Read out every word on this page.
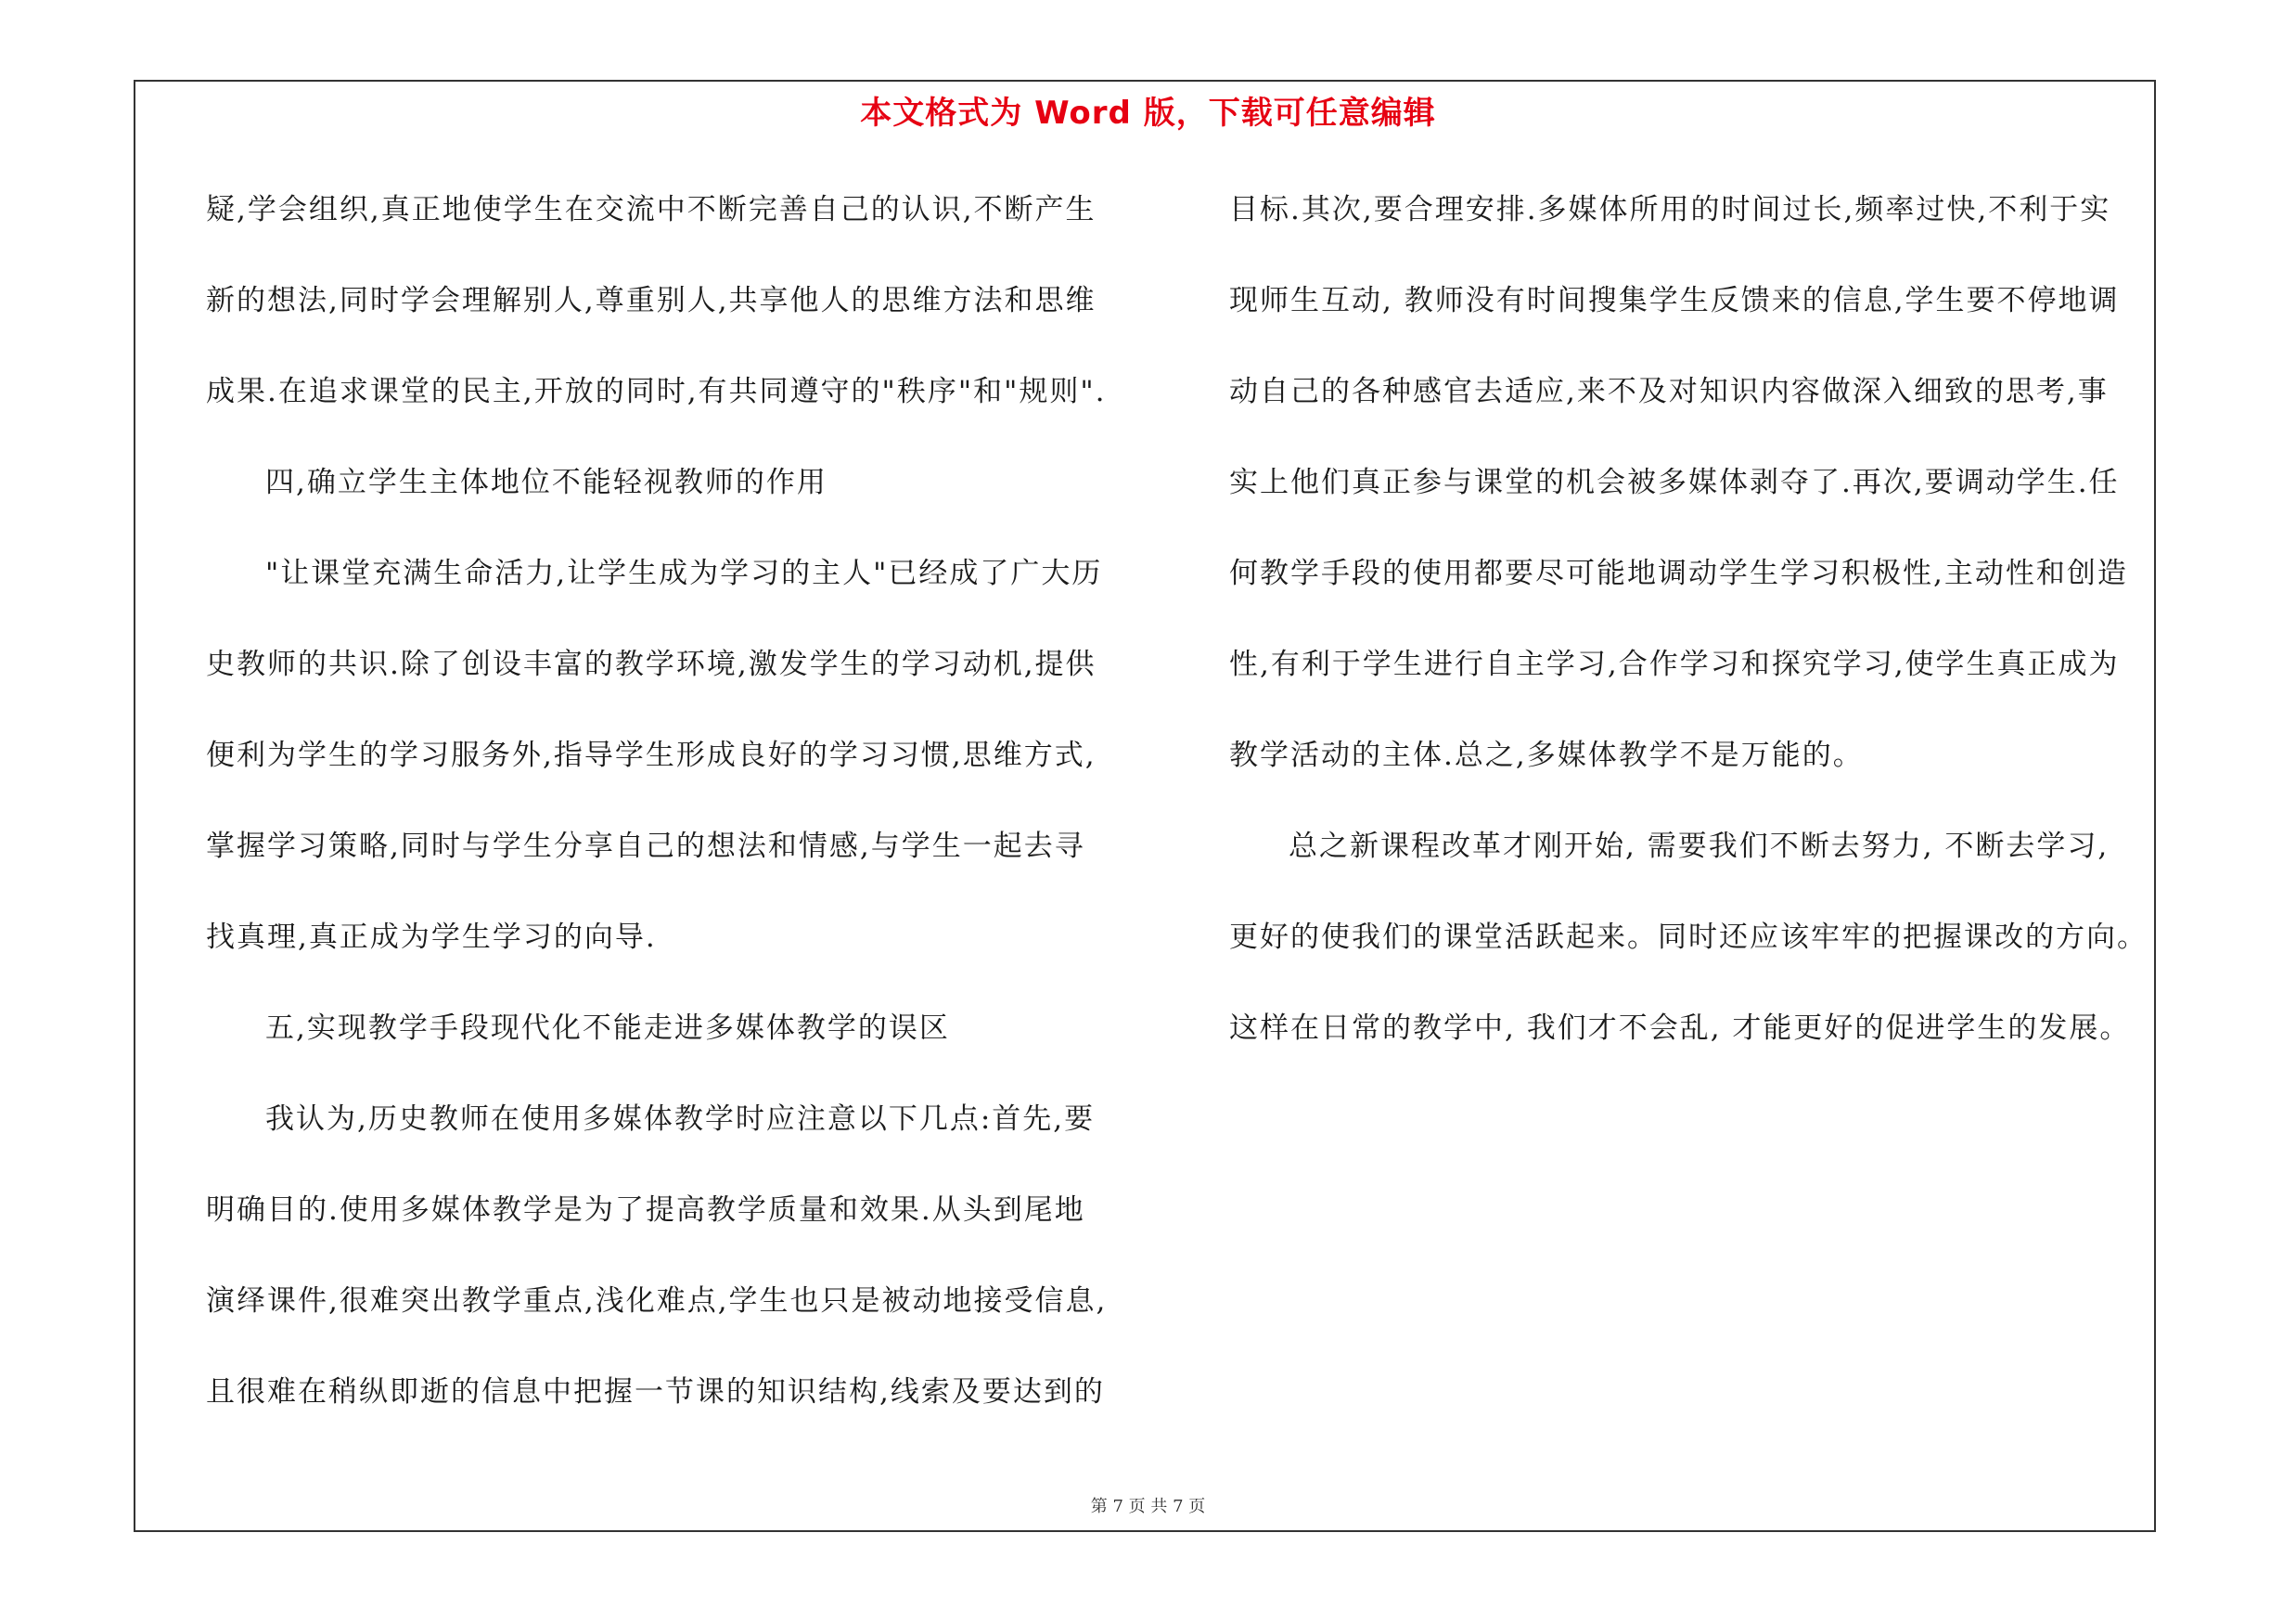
本文格式为 Word 版，下载可任意编辑
疑,学会组织,真正地使学生在交流中不断完善自己的认识,不断产生
新的想法,同时学会理解别人,尊重别人,共享他人的思维方法和思维
成果.在追求课堂的民主,开放的同时,有共同遵守的"秩序"和"规则".
四,确立学生主体地位不能轻视教师的作用
"让课堂充满生命活力,让学生成为学习的主人"已经成了广大历
史教师的共识.除了创设丰富的教学环境,激发学生的学习动机,提供
便利为学生的学习服务外,指导学生形成良好的学习习惯,思维方式,
掌握学习策略,同时与学生分享自己的想法和情感,与学生一起去寻
找真理,真正成为学生学习的向导.
五,实现教学手段现代化不能走进多媒体教学的误区
我认为,历史教师在使用多媒体教学时应注意以下几点:首先,要
明确目的.使用多媒体教学是为了提高教学质量和效果.从头到尾地
演绎课件,很难突出教学重点,浅化难点,学生也只是被动地接受信息,
且很难在稍纵即逝的信息中把握一节课的知识结构,线索及要达到的
目标.其次,要合理安排.多媒体所用的时间过长,频率过快,不利于实
现师生互动, 教师没有时间搜集学生反馈来的信息,学生要不停地调
动自己的各种感官去适应,来不及对知识内容做深入细致的思考,事
实上他们真正参与课堂的机会被多媒体剥夺了.再次,要调动学生.任
何教学手段的使用都要尽可能地调动学生学习积极性,主动性和创造
性,有利于学生进行自主学习,合作学习和探究学习,使学生真正成为
教学活动的主体.总之,多媒体教学不是万能的。
总之新课程改革才刚开始, 需要我们不断去努力, 不断去学习,
更好的使我们的课堂活跃起来。同时还应该牢牢的把握课改的方向。
这样在日常的教学中, 我们才不会乱, 才能更好的促进学生的发展。
第 7 页 共 7 页
